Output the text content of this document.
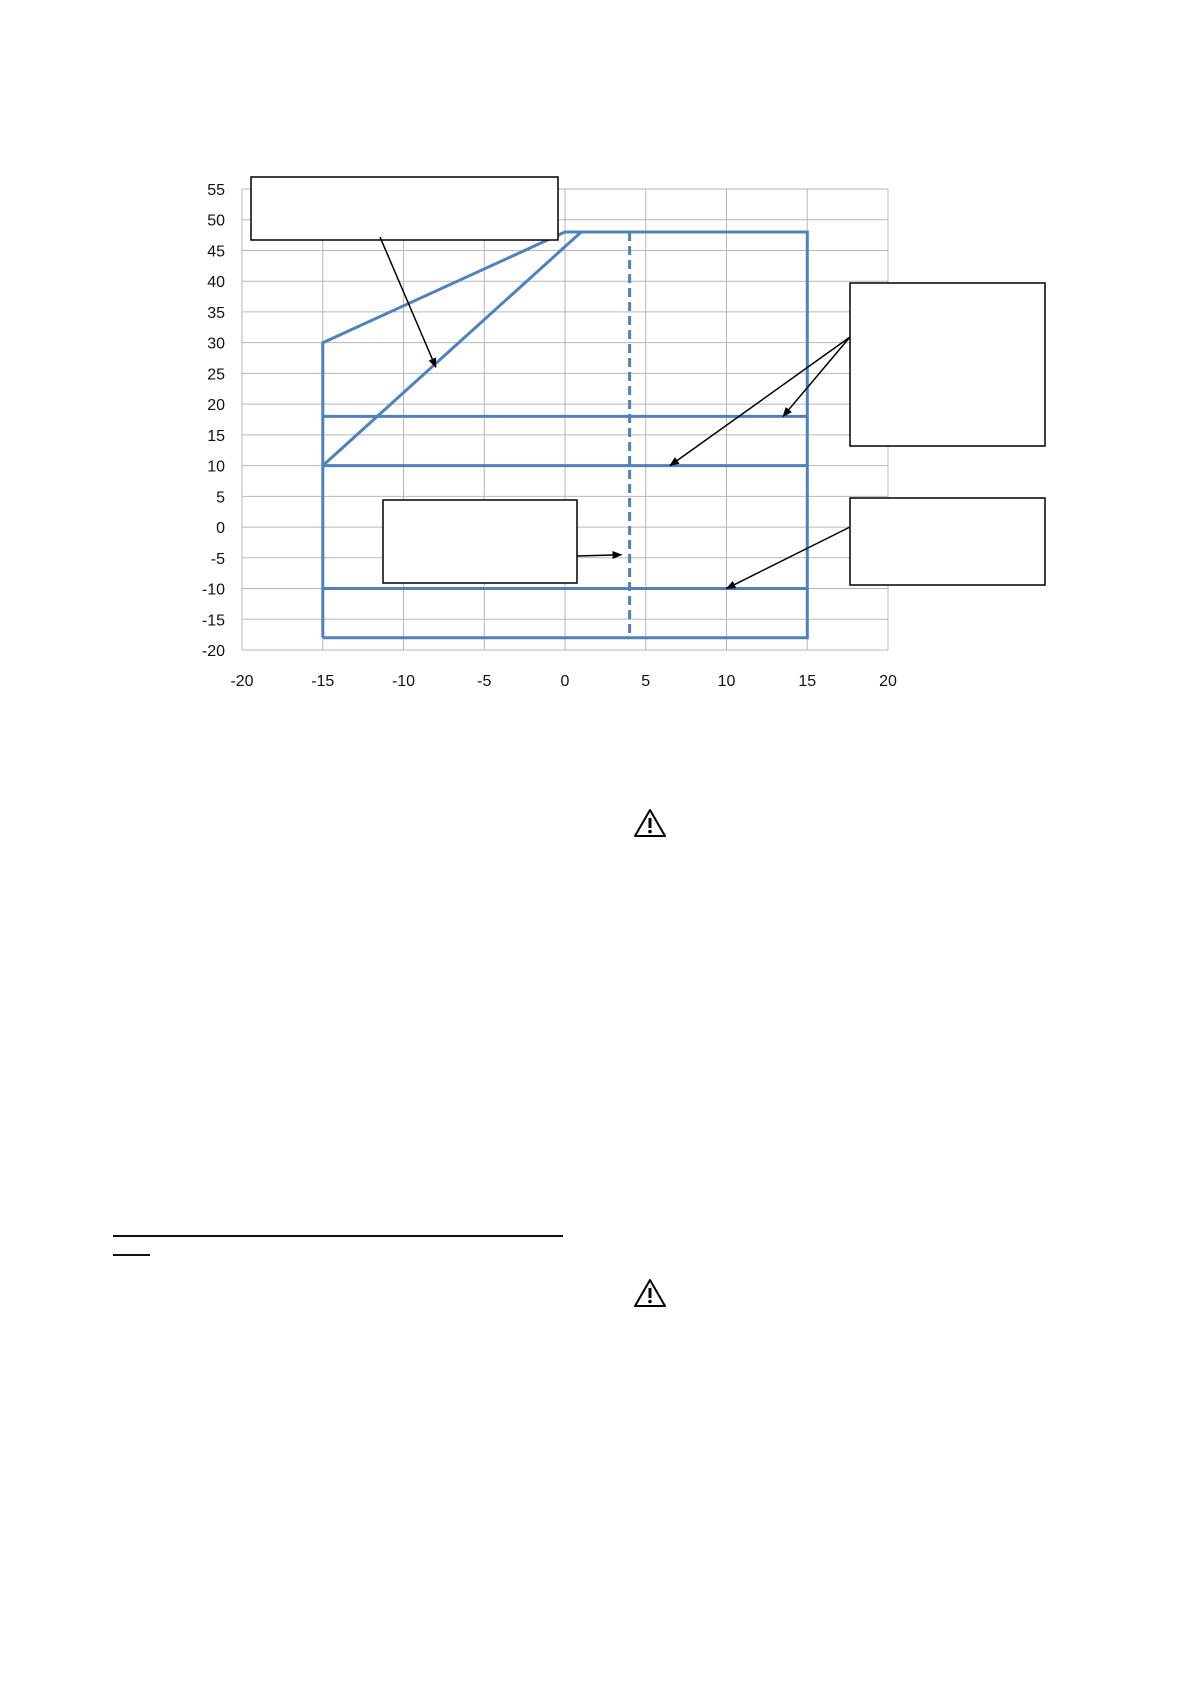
-20	-15	-10	-5	0	5	10	15	20
55
50
45
40
35
30
25
20
15
10
5
0
-5
-10
-15
-20
